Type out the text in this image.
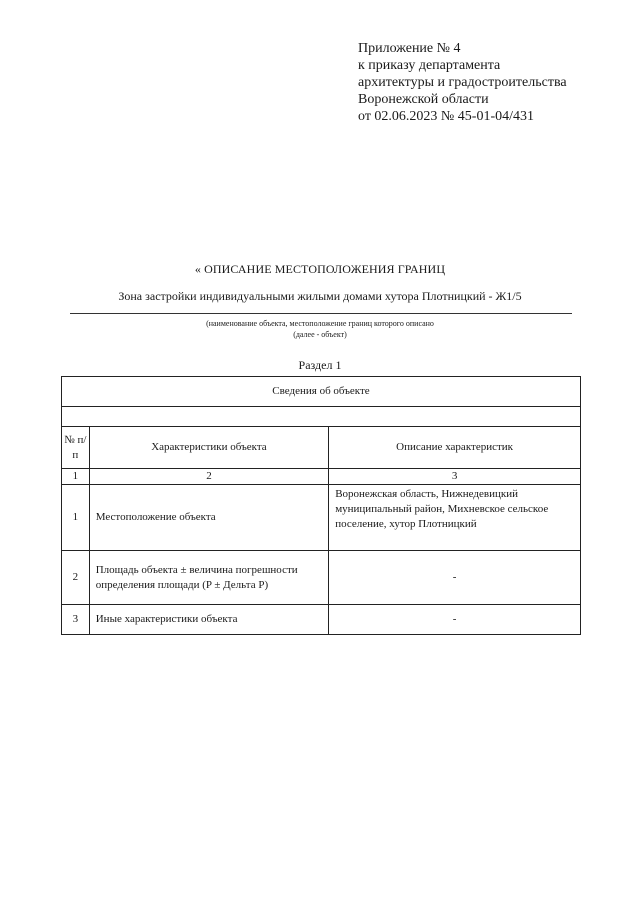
Приложение № 4
к приказу департамента
архитектуры и градостроительства
Воронежской области
от 02.06.2023 № 45-01-04/431
« ОПИСАНИЕ МЕСТОПОЛОЖЕНИЯ ГРАНИЦ
Зона застройки индивидуальными жилыми домами хутора Плотницкий - Ж1/5
(наименование объекта, местоположение границ которого описано
(далее - объект)
Раздел 1
Сведения об объекте		

№ п/п	Характеристики объекта	Описание характеристик
1	2	3
1	Местоположение объекта	Воронежская область, Нижнедевицкий муниципальный район, Михневское сельское поселение, хутор Плотницкий
2	Площадь объекта ± величина погрешности определения площади (P ± Дельта P)	-
3	Иные характеристики объекта	-
